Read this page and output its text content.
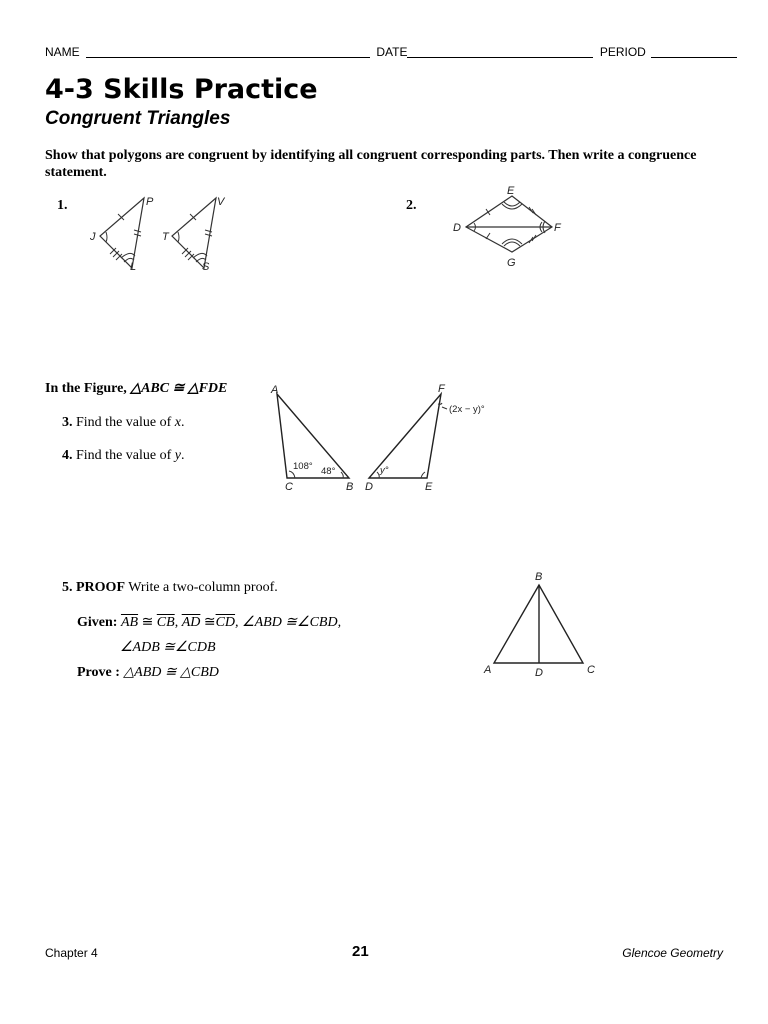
NAME	DATE	PERIOD
4-3 Skills Practice
Congruent Triangles
Show that polygons are congruent by identifying all congruent corresponding parts. Then write a congruence statement.
1.	P
J
L
V
T
S
2.
E
D	F
G
In the Figure, △ABC ≅ △FDE
3. Find the value of x.
4. Find the value of y.
A
C	B
F
D	E
108° 48°	y°
(2x − y)°
5. PROOF Write a two-column proof.
Given: $\overline{AB}$ ≅ $\overline{CB}$, $\overline{AD}$ $≅\overline{CD}$, ∠ABD ≅∠CBD,
∠ADB ≅∠CDB
Prove : △ABD ≅ △CBD
B
A	D	C
Chapter 4	21	Glencoe Geometry
